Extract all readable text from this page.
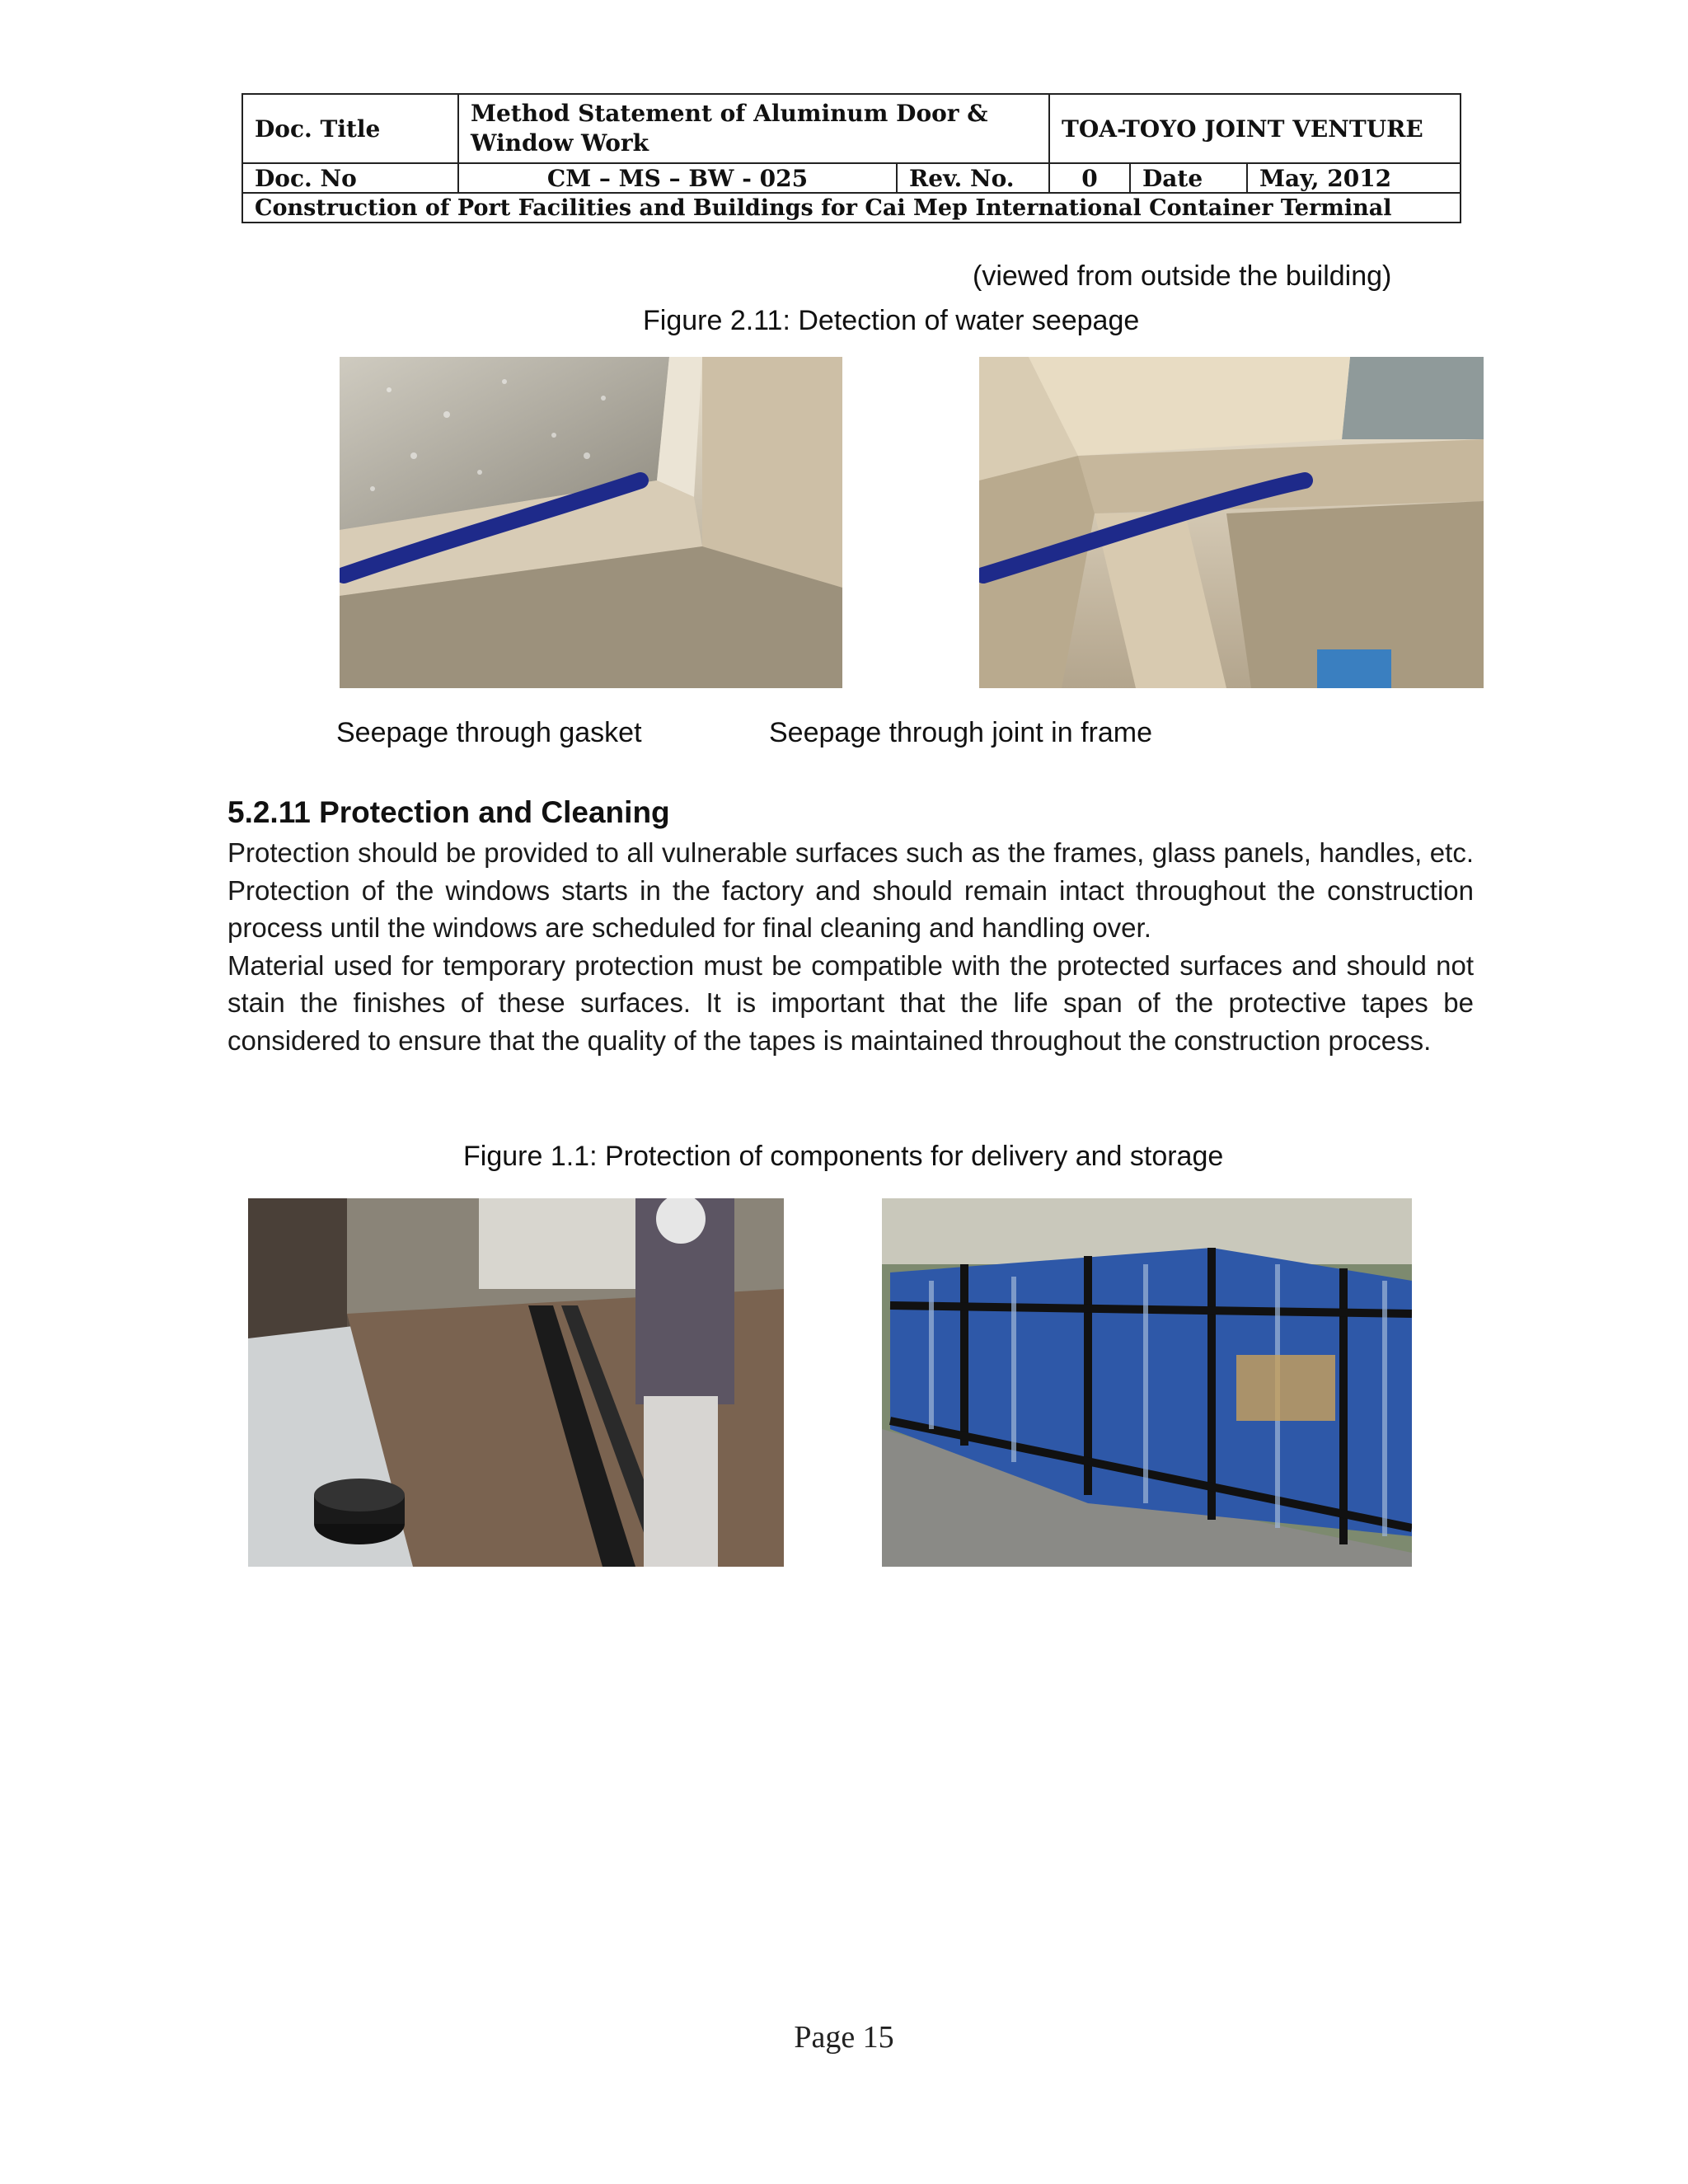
Doc. Title	Method Statement of Aluminum Door & Window Work		TOA-TOYO JOINT VENTURE		
Doc. No	CM – MS – BW - 025	Rev. No.	0	Date	May, 2012
Construction of Port Facilities and Buildings for Cai Mep International Container Terminal					
(viewed from outside the building)
Figure 2.11: Detection of water seepage
Seepage through gasket	Seepage through joint in frame
5.2.11 Protection and Cleaning

Protection should be provided to all vulnerable surfaces such as the frames, glass panels, handles, etc. Protection of the windows starts in the factory and should remain intact throughout the construction process until the windows are scheduled for final cleaning and handling over.

Material used for temporary protection must be compatible with the protected surfaces and should not stain the finishes of these surfaces. It is important that the life span of the protective tapes be considered to ensure that the quality of the tapes is maintained throughout the construction process.

Figure 1.1: Protection of components for delivery and storage
Page 15
